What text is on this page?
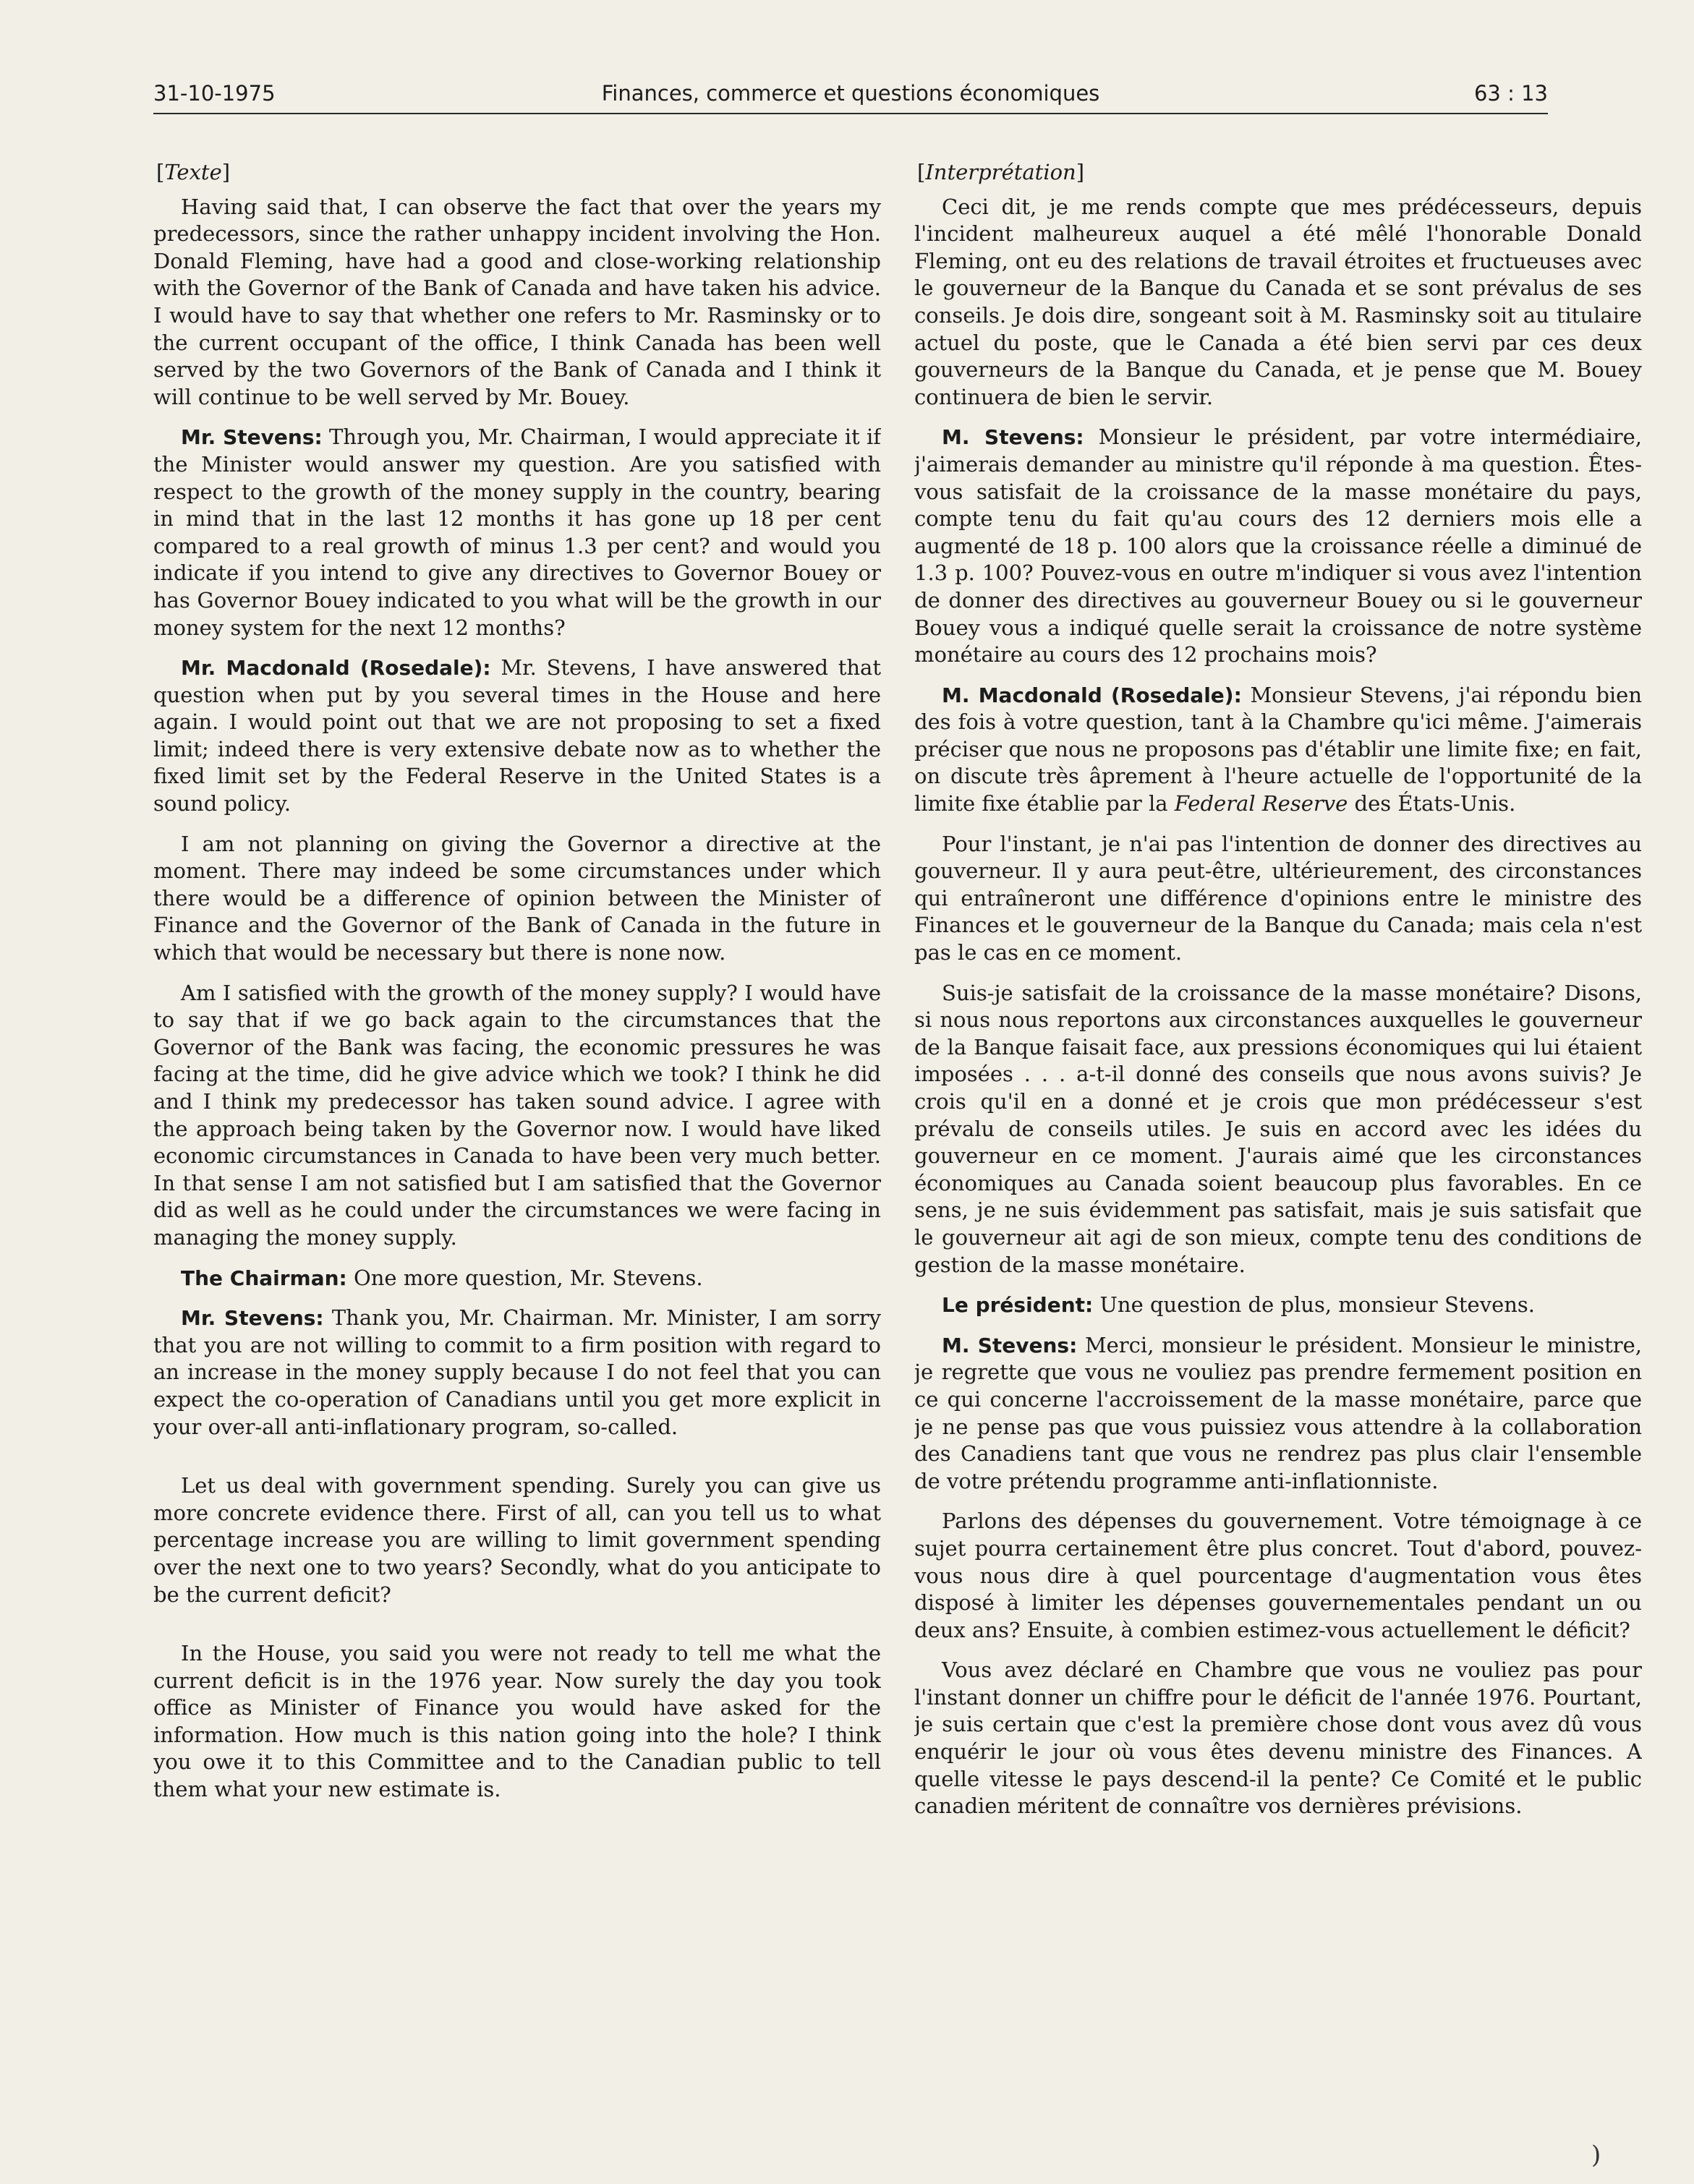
31-10-1975	Finances, commerce et questions économiques	63 : 13
[Texte]

Having said that, I can observe the fact that over the years my predecessors, since the rather unhappy incident involving the Hon. Donald Fleming, have had a good and close-working relationship with the Governor of the Bank of Canada and have taken his advice. I would have to say that whether one refers to Mr. Rasminsky or to the current occupant of the office, I think Canada has been well served by the two Governors of the Bank of Canada and I think it will continue to be well served by Mr. Bouey.

Mr. Stevens: Through you, Mr. Chairman, I would appreciate it if the Minister would answer my question. Are you satisfied with respect to the growth of the money supply in the country, bearing in mind that in the last 12 months it has gone up 18 per cent compared to a real growth of minus 1.3 per cent? and would you indicate if you intend to give any directives to Governor Bouey or has Governor Bouey indicated to you what will be the growth in our money system for the next 12 months?

Mr. Macdonald (Rosedale): Mr. Stevens, I have answered that question when put by you several times in the House and here again. I would point out that we are not proposing to set a fixed limit; indeed there is very extensive debate now as to whether the fixed limit set by the Federal Reserve in the United States is a sound policy.

I am not planning on giving the Governor a directive at the moment. There may indeed be some circumstances under which there would be a difference of opinion between the Minister of Finance and the Governor of the Bank of Canada in the future in which that would be necessary but there is none now.

Am I satisfied with the growth of the money supply? I would have to say that if we go back again to the circumstances that the Governor of the Bank was facing, the economic pressures he was facing at the time, did he give advice which we took? I think he did and I think my predecessor has taken sound advice. I agree with the approach being taken by the Governor now. I would have liked economic circumstances in Canada to have been very much better. In that sense I am not satisfied but I am satisfied that the Governor did as well as he could under the circumstances we were facing in managing the money supply.

The Chairman: One more question, Mr. Stevens.

Mr. Stevens: Thank you, Mr. Chairman. Mr. Minister, I am sorry that you are not willing to commit to a firm position with regard to an increase in the money supply because I do not feel that you can expect the co-operation of Canadians until you get more explicit in your over-all anti-inflationary program, so-called.

Let us deal with government spending. Surely you can give us more concrete evidence there. First of all, can you tell us to what percentage increase you are willing to limit government spending over the next one to two years? Secondly, what do you anticipate to be the current deficit?

In the House, you said you were not ready to tell me what the current deficit is in the 1976 year. Now surely the day you took office as Minister of Finance you would have asked for the information. How much is this nation going into the hole? I think you owe it to this Committee and to the Canadian public to tell them what your new estimate is.

[Interprétation]

Ceci dit, je me rends compte que mes prédécesseurs, depuis l'incident malheureux auquel a été mêlé l'honorable Donald Fleming, ont eu des relations de travail étroites et fructueuses avec le gouverneur de la Banque du Canada et se sont prévalus de ses conseils. Je dois dire, songeant soit à M. Rasminsky soit au titulaire actuel du poste, que le Canada a été bien servi par ces deux gouverneurs de la Banque du Canada, et je pense que M. Bouey continuera de bien le servir.

M. Stevens: Monsieur le président, par votre intermédiaire, j'aimerais demander au ministre qu'il réponde à ma question. Êtes-vous satisfait de la croissance de la masse monétaire du pays, compte tenu du fait qu'au cours des 12 derniers mois elle a augmenté de 18 p. 100 alors que la croissance réelle a diminué de 1.3 p. 100? Pouvez-vous en outre m'indiquer si vous avez l'intention de donner des directives au gouverneur Bouey ou si le gouverneur Bouey vous a indiqué quelle serait la croissance de notre système monétaire au cours des 12 prochains mois?

M. Macdonald (Rosedale): Monsieur Stevens, j'ai répondu bien des fois à votre question, tant à la Chambre qu'ici même. J'aimerais préciser que nous ne proposons pas d'établir une limite fixe; en fait, on discute très âprement à l'heure actuelle de l'opportunité de la limite fixe établie par la Federal Reserve des États-Unis.

Pour l'instant, je n'ai pas l'intention de donner des directives au gouverneur. Il y aura peut-être, ultérieurement, des circonstances qui entraîneront une différence d'opinions entre le ministre des Finances et le gouverneur de la Banque du Canada; mais cela n'est pas le cas en ce moment.

Suis-je satisfait de la croissance de la masse monétaire? Disons, si nous nous reportons aux circonstances auxquelles le gouverneur de la Banque faisait face, aux pressions économiques qui lui étaient imposées . . . a-t-il donné des conseils que nous avons suivis? Je crois qu'il en a donné et je crois que mon prédécesseur s'est prévalu de conseils utiles. Je suis en accord avec les idées du gouverneur en ce moment. J'aurais aimé que les circonstances économiques au Canada soient beaucoup plus favorables. En ce sens, je ne suis évidemment pas satisfait, mais je suis satisfait que le gouverneur ait agi de son mieux, compte tenu des conditions de gestion de la masse monétaire.

Le président: Une question de plus, monsieur Stevens.

M. Stevens: Merci, monsieur le président. Monsieur le ministre, je regrette que vous ne vouliez pas prendre fermement position en ce qui concerne l'accroissement de la masse monétaire, parce que je ne pense pas que vous puissiez vous attendre à la collaboration des Canadiens tant que vous ne rendrez pas plus clair l'ensemble de votre prétendu programme anti-inflationniste.

Parlons des dépenses du gouvernement. Votre témoignage à ce sujet pourra certainement être plus concret. Tout d'abord, pouvez-vous nous dire à quel pourcentage d'augmentation vous êtes disposé à limiter les dépenses gouvernementales pendant un ou deux ans? Ensuite, à combien estimez-vous actuellement le déficit?

Vous avez déclaré en Chambre que vous ne vouliez pas pour l'instant donner un chiffre pour le déficit de l'année 1976. Pourtant, je suis certain que c'est la première chose dont vous avez dû vous enquérir le jour où vous êtes devenu ministre des Finances. A quelle vitesse le pays descend-il la pente? Ce Comité et le public canadien méritent de connaître vos dernières prévisions.

)
